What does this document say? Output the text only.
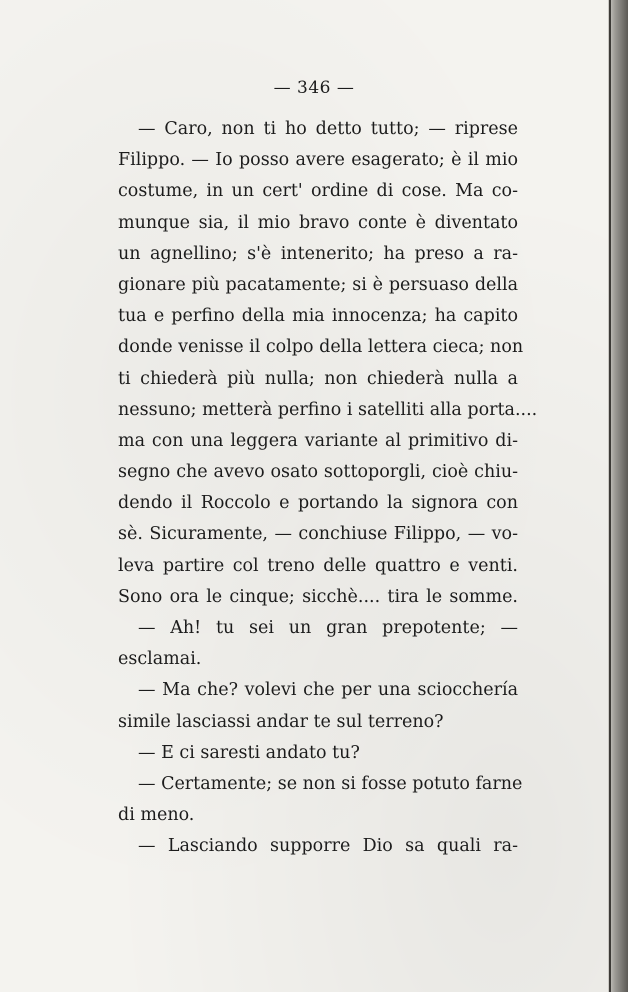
— 346 —
— Caro, non ti ho detto tutto; — riprese
Filippo. — Io posso avere esagerato; è il mio
costume, in un cert' ordine di cose. Ma co-
munque sia, il mio bravo conte è diventato
un agnellino; s'è intenerito; ha preso a ra-
gionare più pacatamente; si è persuaso della
tua e perfino della mia innocenza; ha capito
donde venisse il colpo della lettera cieca; non
ti chiederà più nulla; non chiederà nulla a
nessuno; metterà perfino i satelliti alla porta....
ma con una leggera variante al primitivo di-
segno che avevo osato sottoporgli, cioè chiu-
dendo il Roccolo e portando la signora con
sè. Sicuramente, — conchiuse Filippo, — vo-
leva partire col treno delle quattro e venti.
Sono ora le cinque; sicchè.... tira le somme.
— Ah! tu sei un gran prepotente; —
esclamai.
— Ma che? volevi che per una sciocchería
simile lasciassi andar te sul terreno?
— E ci saresti andato tu?
— Certamente; se non si fosse potuto farne
di meno.
— Lasciando supporre Dio sa quali ra-
